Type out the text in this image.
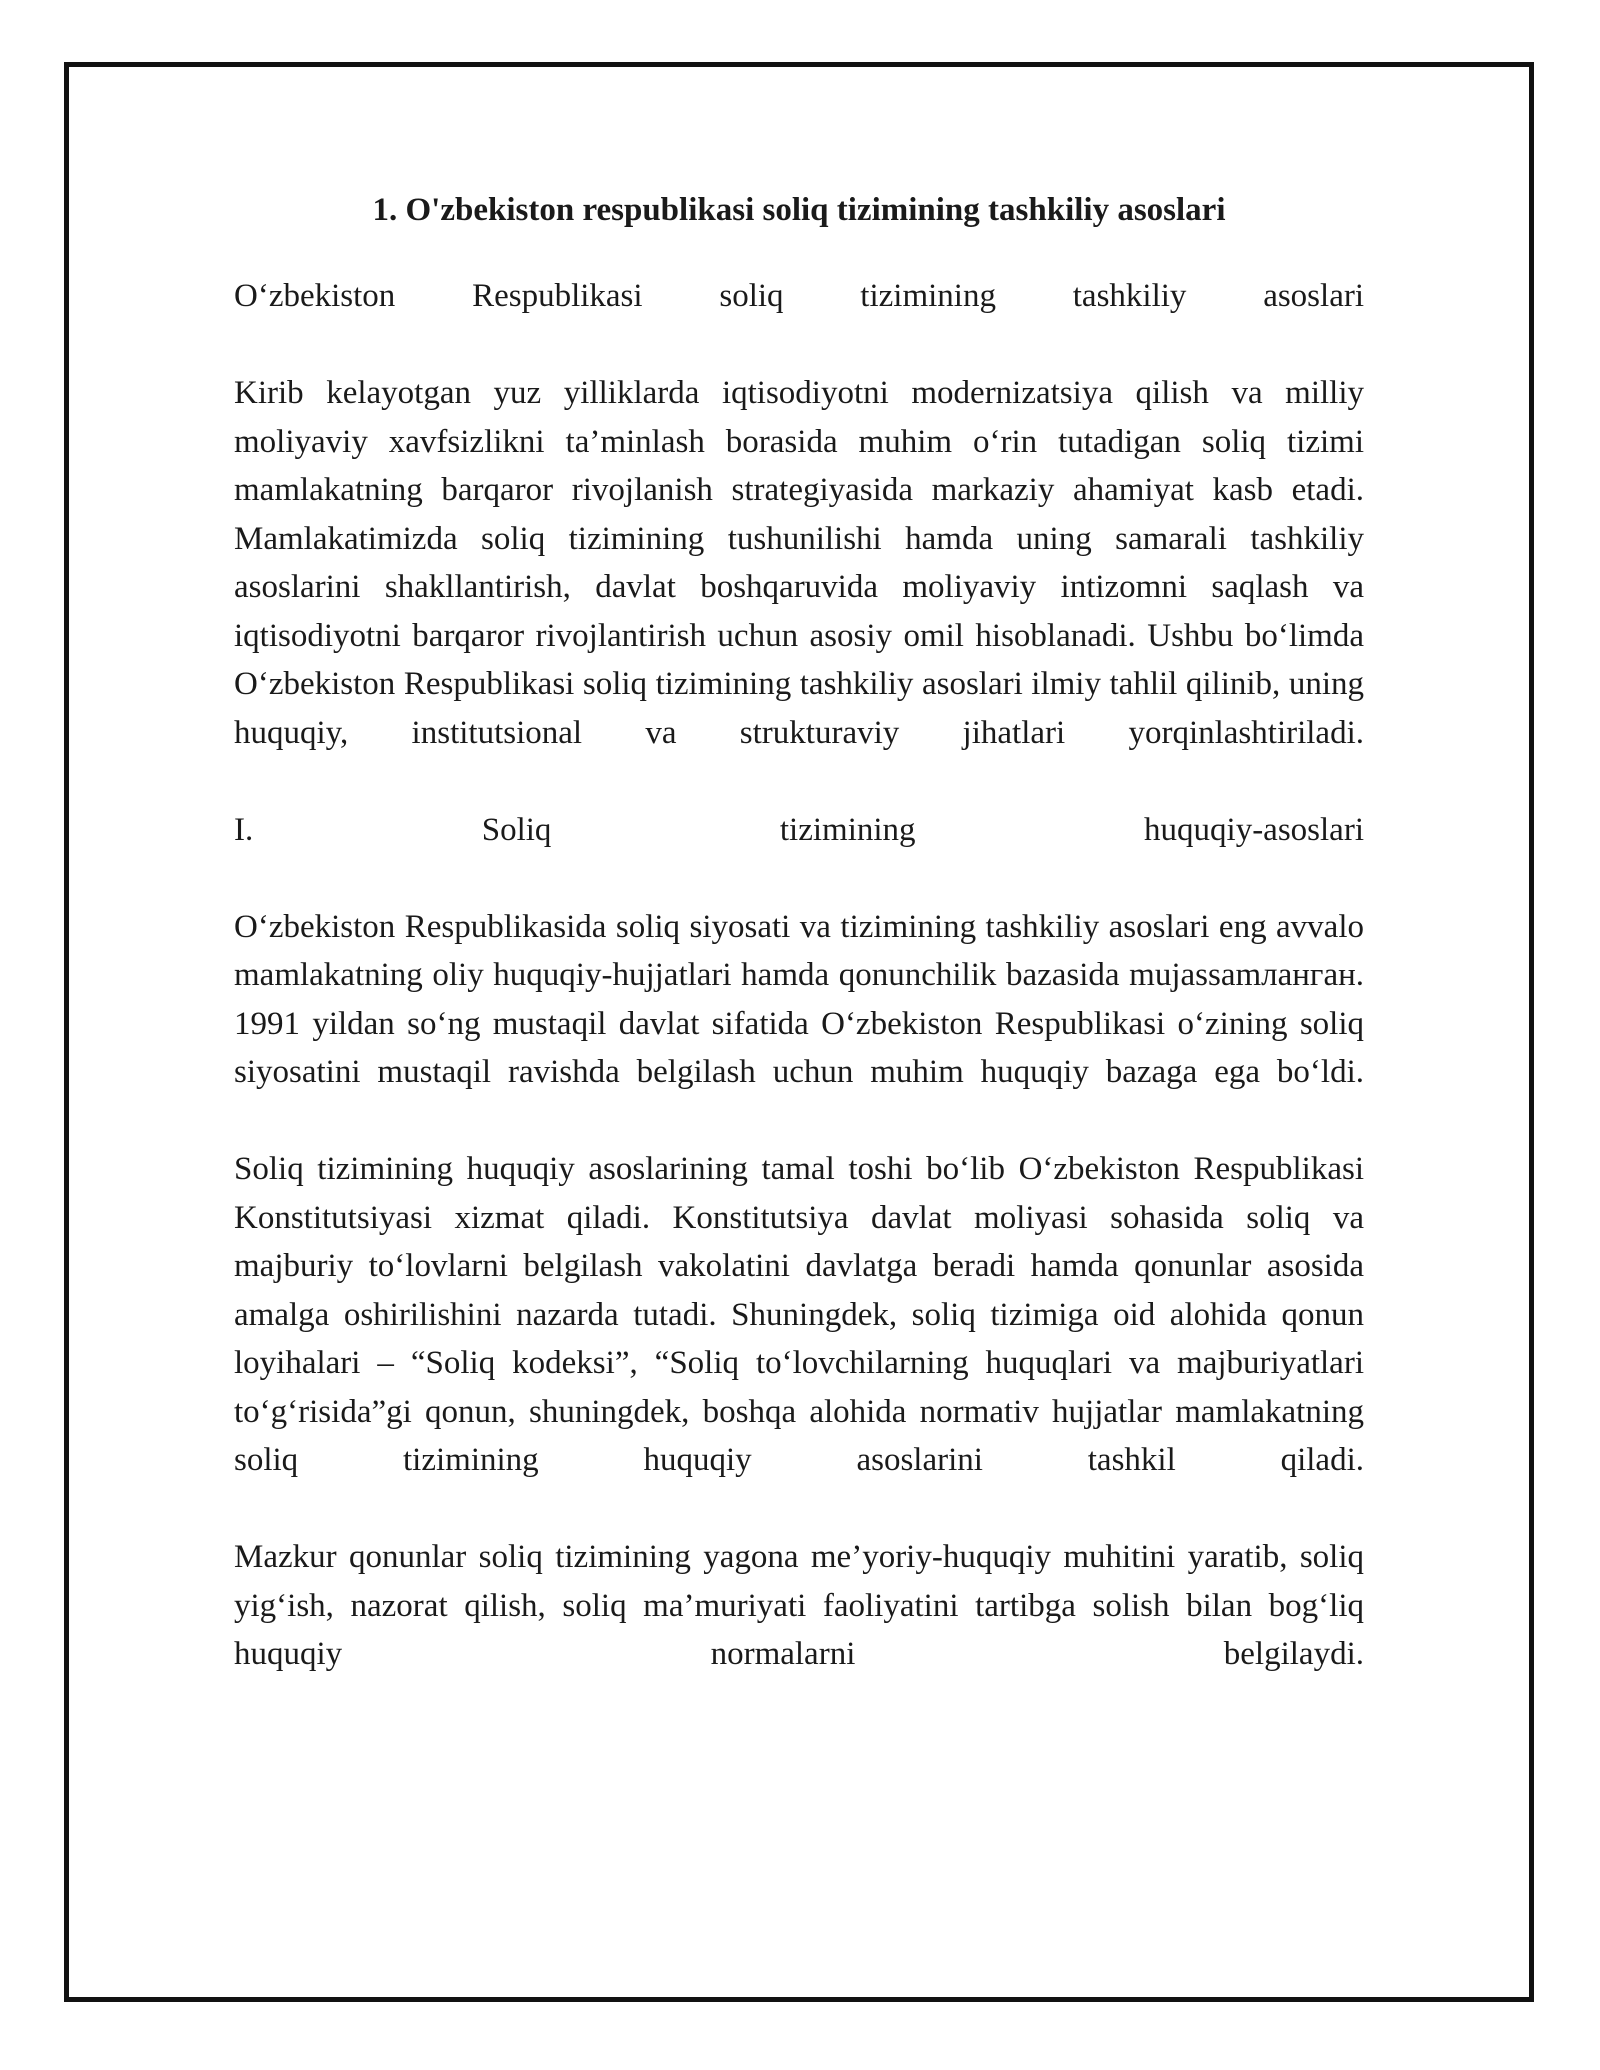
1. O'zbekiston respublikasi soliq tizimining tashkiliy asoslari

O‘zbekiston Respublikasi soliq tizimining tashkiliy asoslari

Kirib kelayotgan yuz yilliklarda iqtisodiyotni modernizatsiya qilish va milliy moliyaviy xavfsizlikni ta’minlash borasida muhim o‘rin tutadigan soliq tizimi mamlakatning barqaror rivojlanish strategiyasida markaziy ahamiyat kasb etadi. Mamlakatimizda soliq tizimining tushunilishi hamda uning samarali tashkiliy asoslarini shakllantirish, davlat boshqaruvida moliyaviy intizomni saqlash va iqtisodiyotni barqaror rivojlantirish uchun asosiy omil hisoblanadi. Ushbu bo‘limda O‘zbekiston Respublikasi soliq tizimining tashkiliy asoslari ilmiy tahlil qilinib, uning huquqiy, institutsional va strukturaviy jihatlari yorqinlashtiriladi.

I. Soliq tizimining huquqiy-asoslari

O‘zbekiston Respublikasida soliq siyosati va tizimining tashkiliy asoslari eng avvalo mamlakatning oliy huquqiy-hujjatlari hamda qonunchilik bazasida mujassamланган. 1991 yildan so‘ng mustaqil davlat sifatida O‘zbekiston Respublikasi o‘zining soliq siyosatini mustaqil ravishda belgilash uchun muhim huquqiy bazaga ega bo‘ldi.

Soliq tizimining huquqiy asoslarining tamal toshi bo‘lib O‘zbekiston Respublikasi Konstitutsiyasi xizmat qiladi. Konstitutsiya davlat moliyasi sohasida soliq va majburiy to‘lovlarni belgilash vakolatini davlatga beradi hamda qonunlar asosida amalga oshirilishini nazarda tutadi. Shuningdek, soliq tizimiga oid alohida qonun loyihalari – “Soliq kodeksi”, “Soliq to‘lovchilarning huquqlari va majburiyatlari to‘g‘risida”gi qonun, shuningdek, boshqa alohida normativ hujjatlar mamlakatning soliq tizimining huquqiy asoslarini tashkil qiladi.

Mazkur qonunlar soliq tizimining yagona me’yoriy-huquqiy muhitini yaratib, soliq yig‘ish, nazorat qilish, soliq ma’muriyati faoliyatini tartibga solish bilan bog‘liq huquqiy normalarni belgilaydi.
